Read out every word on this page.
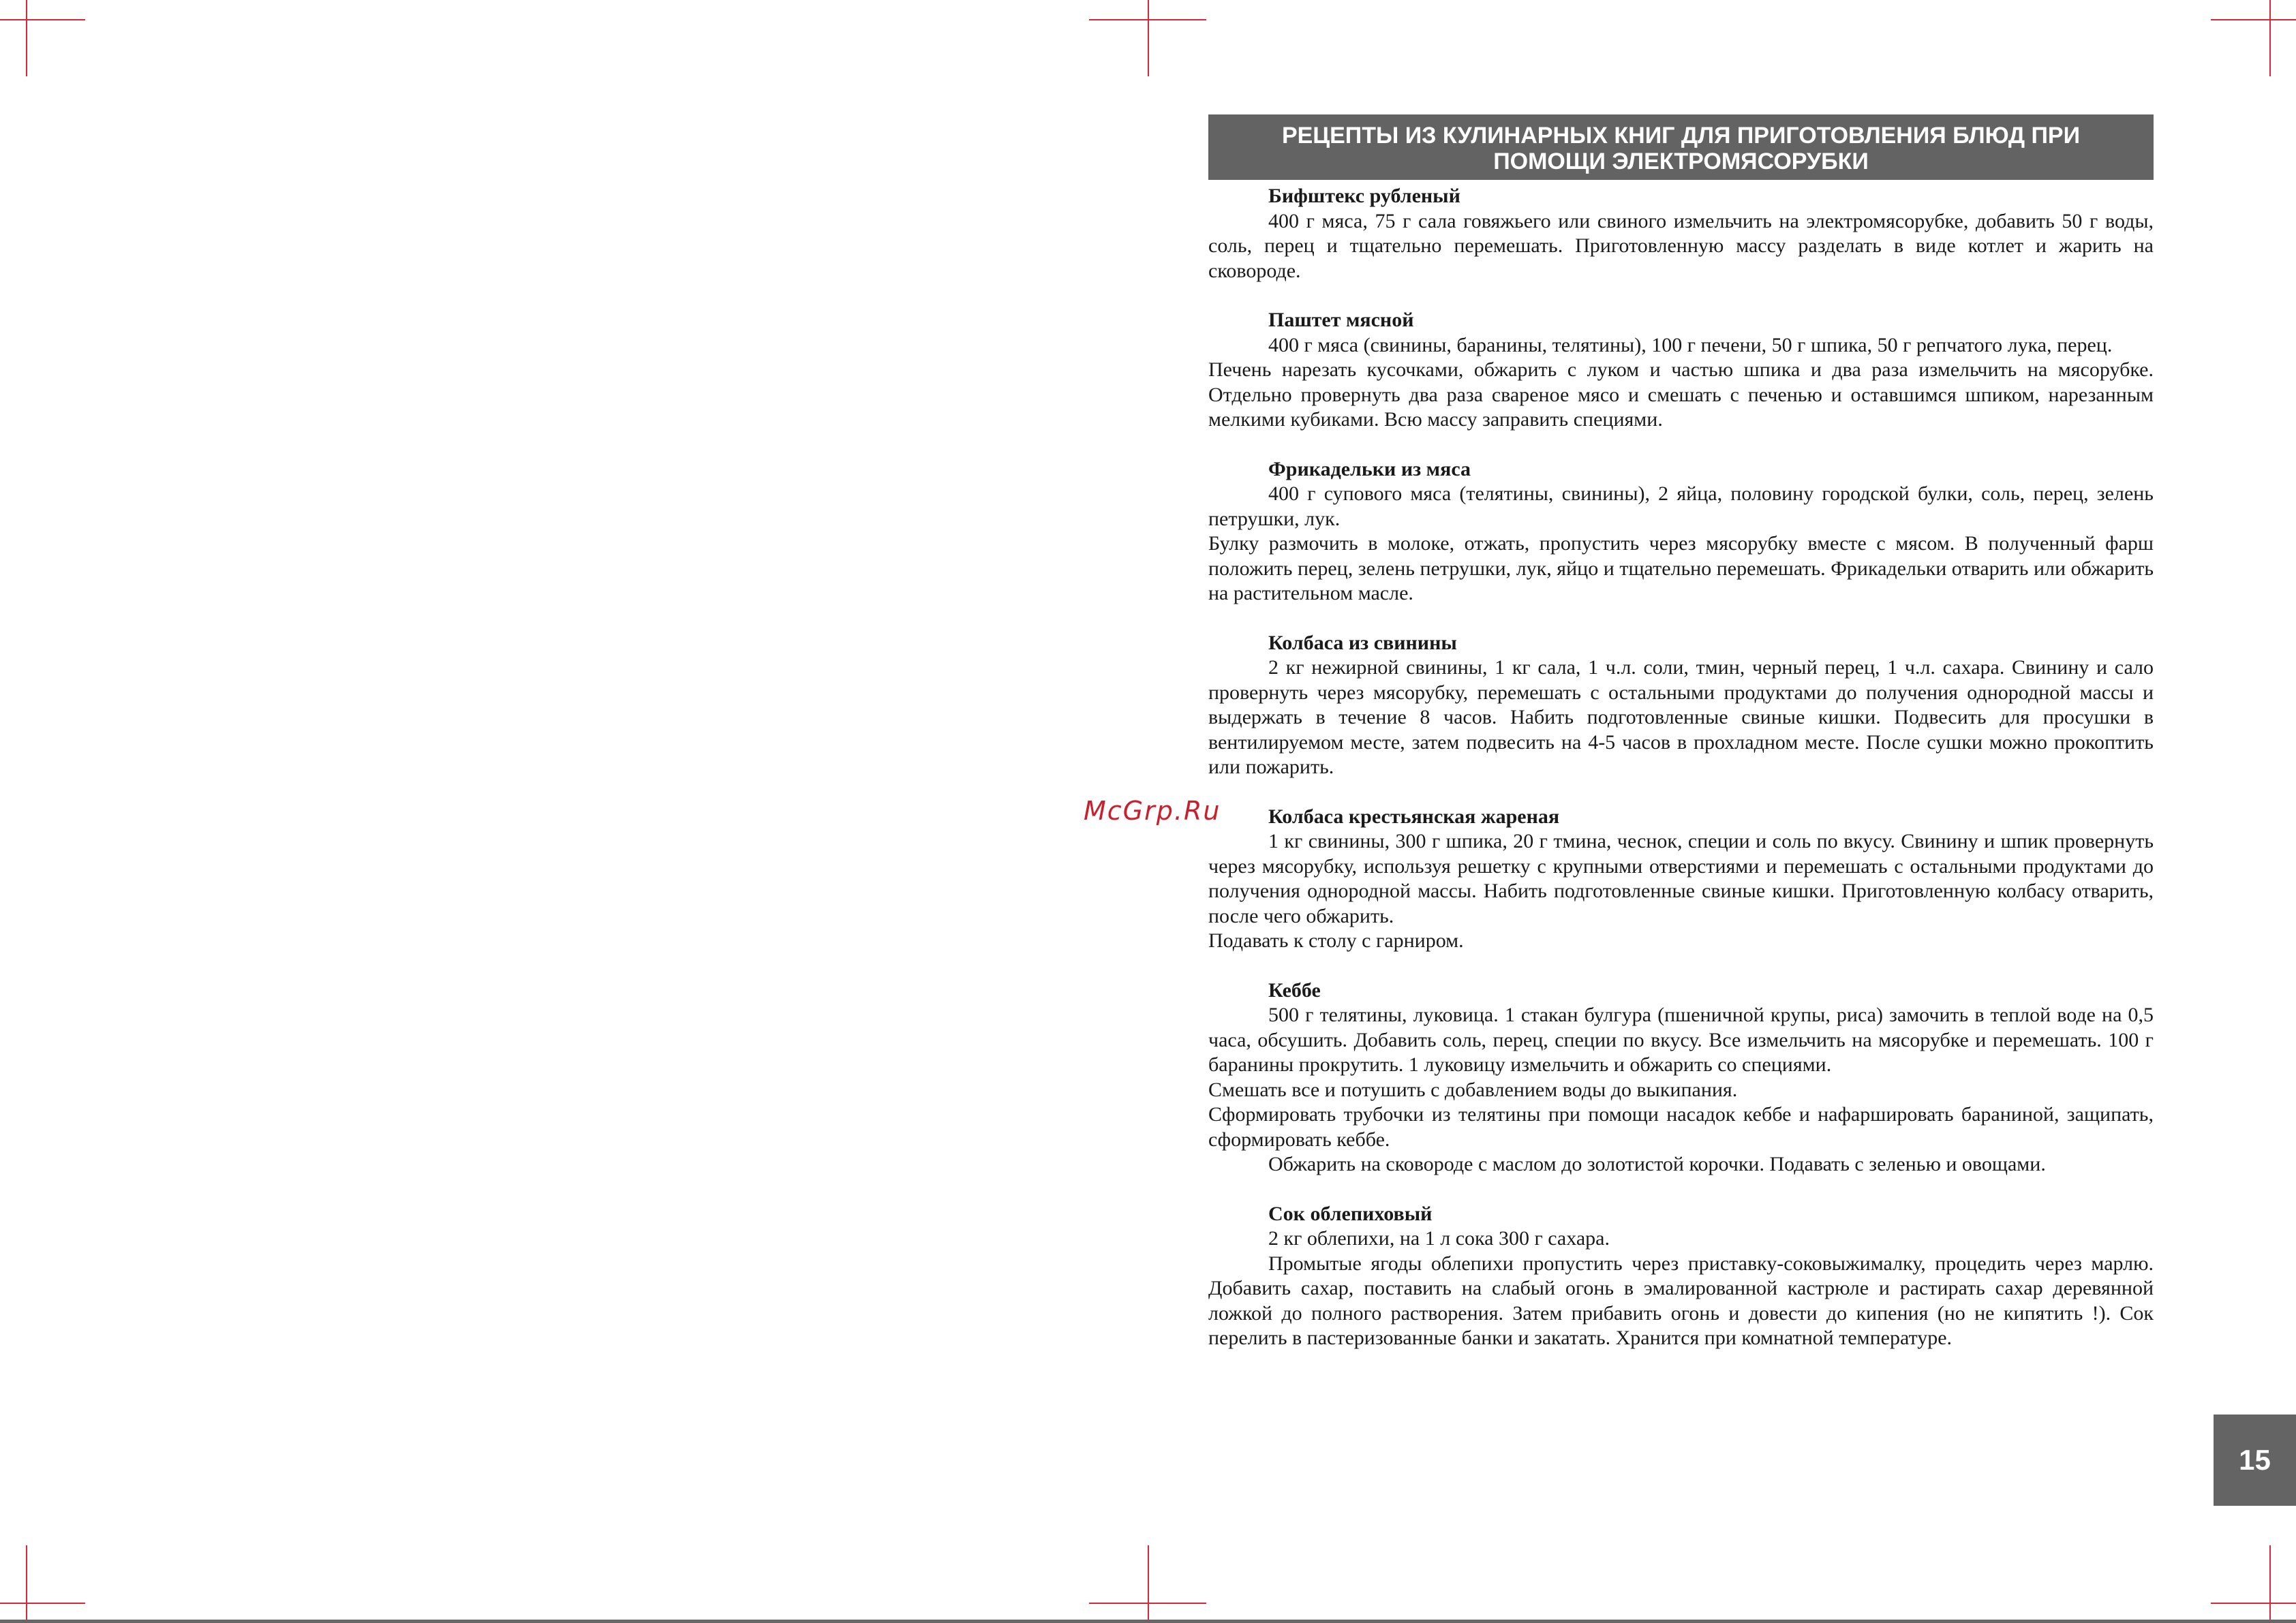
McGrp.Ru
РЕЦЕПТЫ ИЗ КУЛИНАРНЫХ КНИГ ДЛЯ ПРИГОТОВЛЕНИЯ БЛЮД ПРИ
ПОМОЩИ ЭЛЕКТРОМЯСОРУБКИ

Бифштекс рубленый

400 г мяса, 75 г сала говяжьего или свиного измельчить на электромясорубке, добавить 50 г воды, соль, перец и тщательно перемешать. Приготовленную массу разделать в виде котлет и жарить на сковороде.

Паштет мясной

400 г мяса (свинины, баранины, телятины), 100 г печени, 50 г шпика, 50 г репчатого лука, перец.

Печень нарезать кусочками, обжарить с луком и частью шпика и два раза измельчить на мясорубке. Отдельно провернуть два раза свареное мясо и смешать с печенью и оставшимся шпиком, нарезанным мелкими кубиками. Всю массу заправить специями.

Фрикадельки из мяса

400 г супового мяса (телятины, свинины), 2 яйца, половину городской булки, соль, перец, зелень петрушки, лук.

Булку размочить в молоке, отжать, пропустить через мясорубку вместе с мясом. В полученный фарш положить перец, зелень петрушки, лук, яйцо и тщательно перемешать. Фрикадельки отварить или обжарить на растительном масле.

Колбаса из свинины

2 кг нежирной свинины, 1 кг сала, 1 ч.л. соли, тмин, черный перец, 1 ч.л. сахара. Свинину и сало провернуть через мясорубку, перемешать с остальными продуктами до получения однородной массы и выдержать в течение 8 часов. Набить подготовленные свиные кишки. Подвесить для просушки в вентилируемом месте, затем подвесить на 4-5 часов в прохладном месте. После сушки можно прокоптить или пожарить.

Колбаса крестьянская жареная

1 кг свинины, 300 г шпика, 20 г тмина, чеснок, специи и соль по вкусу. Свинину и шпик провернуть через мясорубку, используя решетку с крупными отверстиями и перемешать с остальными продуктами до получения однородной массы. Набить подготовленные свиные кишки. Приготовленную колбасу отварить, после чего обжарить.

Подавать к столу с гарниром.

Кеббе

500 г телятины, луковица. 1 стакан булгура (пшеничной крупы, риса) замочить в теплой воде на 0,5 часа, обсушить. Добавить соль, перец, специи по вкусу. Все измельчить на мясорубке и перемешать. 100 г баранины прокрутить. 1 луковицу измельчить и обжарить со специями.

Смешать все и потушить с добавлением воды до выкипания.

Сформировать трубочки из телятины при помощи насадок кеббе и нафаршировать бараниной, защипать, сформировать кеббе.

Обжарить на сковороде с маслом до золотистой корочки. Подавать с зеленью и овощами.

Сок облепиховый

2 кг облепихи, на 1 л сока 300 г сахара.

Промытые ягоды облепихи пропустить через приставку-соковыжималку, процедить через марлю. Добавить сахар, поставить на слабый огонь в эмалированной кастрюле и растирать сахар деревянной ложкой до полного растворения. Затем прибавить огонь и довести до кипения (но не кипятить !). Сок перелить в пастеризованные банки и закатать. Хранится при комнатной температуре.

15
